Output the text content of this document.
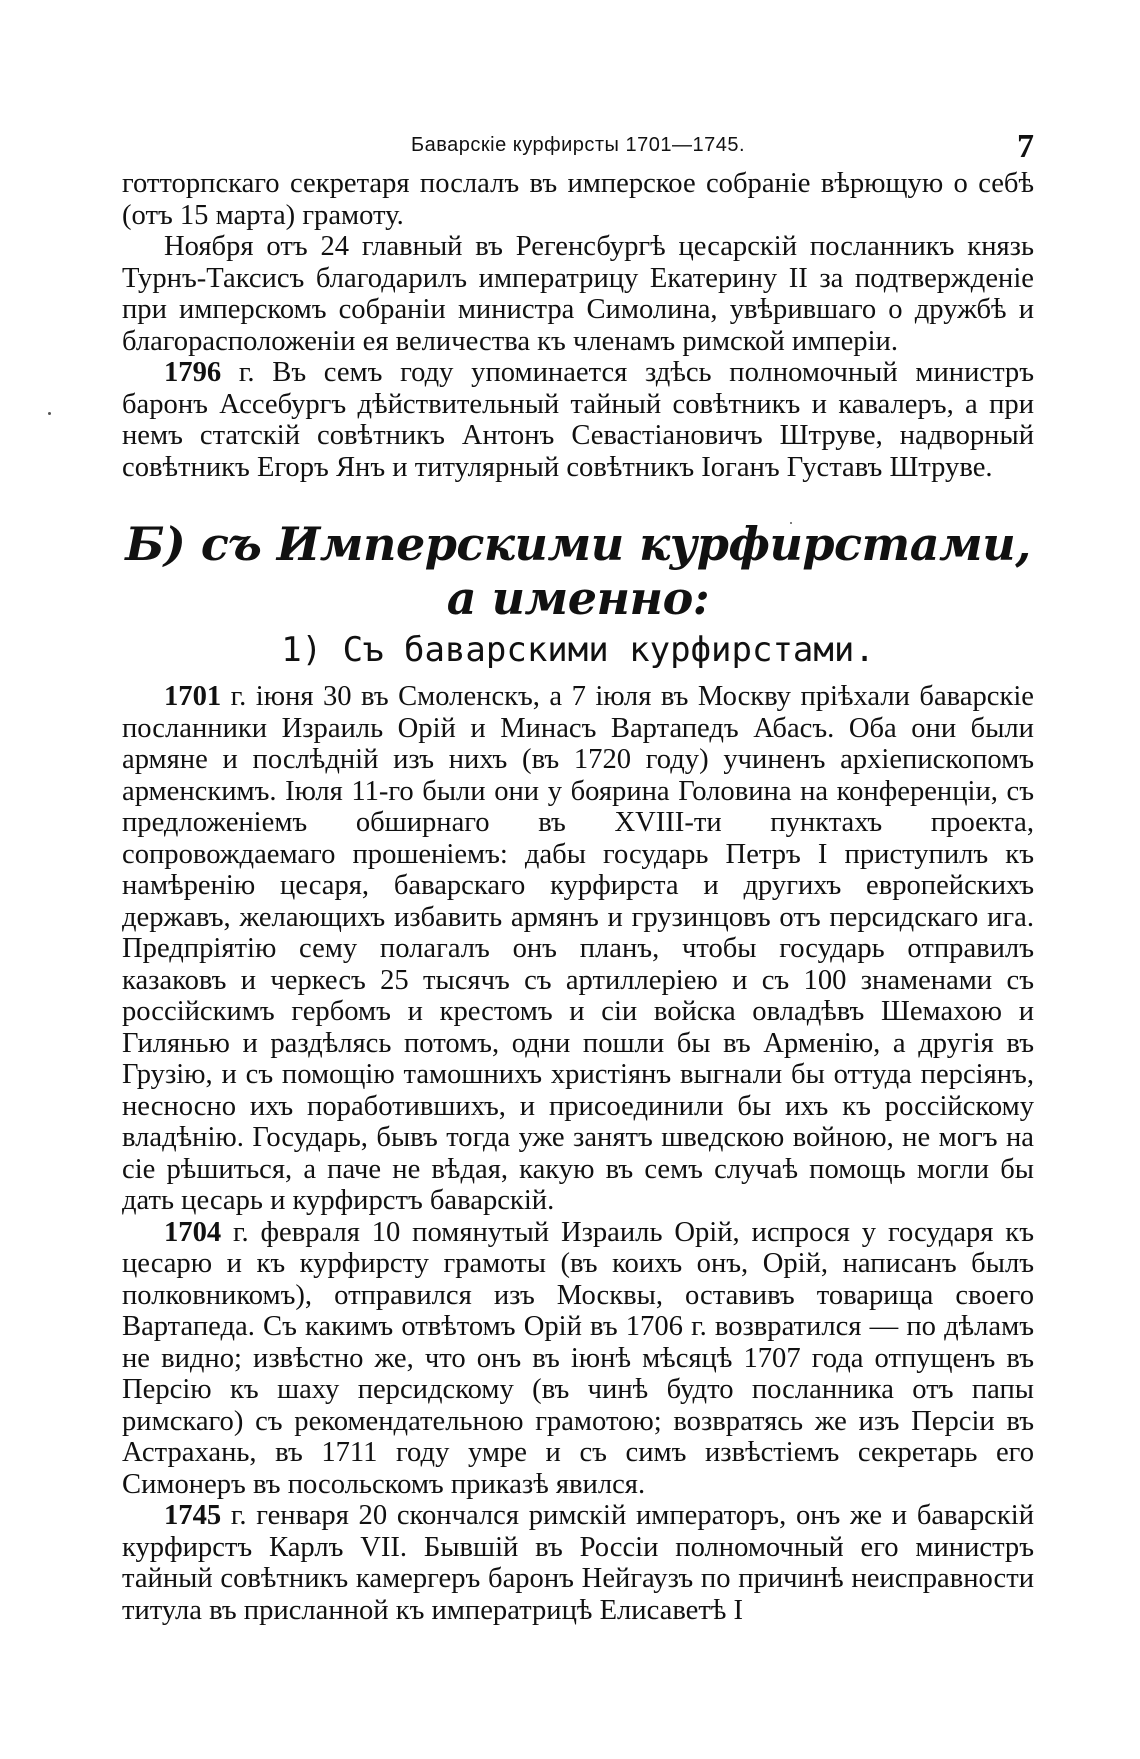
Баварскiе курфирсты 1701—1745.	7

готторпскаго секретаря послалъ въ имперское собранiе вѣрющую о себѣ (отъ 15 марта) грамоту.

Ноября отъ 24 главный въ Регенсбургѣ цесарскiй посланникъ князь Турнъ-Таксисъ благодарилъ императрицу Екатерину II за подтвержденiе при имперскомъ собранiи министра Симолина, увѣрившаго о дружбѣ и благорасположенiи ея величества къ членамъ римской имперiи.

1796 г. Въ семъ году упоминается здѣсь полномочный министръ баронъ Ассебургъ дѣйствительный тайный совѣтникъ и кавалеръ, а при немъ статскiй совѣтникъ Антонъ Севастiановичъ Штруве, надворный совѣтникъ Егоръ Янъ и титулярный совѣтникъ Iоганъ Густавъ Штруве.

Б) съ Имперскими курфирстами, а именно:
1) Съ баварскими курфирстами.

1701 г. iюня 30 въ Смоленскъ, а 7 iюля въ Москву прiѣхали баварскiе посланники Израиль Орiй и Минасъ Вартапедъ Абасъ. Оба они были армяне и послѣднiй изъ нихъ (въ 1720 году) учиненъ архiепископомъ арменскимъ. Iюля 11-го были они у боярина Головина на конференцiи, съ предложенiемъ обширнаго въ XVIII-ти пунктахъ проекта, сопровождаемаго прошенiемъ: дабы государь Петръ I приступилъ къ намѣренiю цесаря, баварскаго курфирста и другихъ европейскихъ державъ, желающихъ избавить армянъ и грузинцовъ отъ персидскаго ига. Предпрiятiю сему полагалъ онъ планъ, чтобы государь отправилъ казаковъ и черкесъ 25 тысячъ съ артиллерiею и съ 100 знаменами съ россiйскимъ гербомъ и крестомъ и сiи войска овладѣвъ Шемахою и Гилянью и раздѣлясь потомъ, одни пошли бы въ Арменiю, а другiя въ Грузiю, и съ помощiю тамошнихъ христiянъ выгнали бы оттуда персiянъ, несносно ихъ поработившихъ, и присоединили бы ихъ къ россiйскому владѣнiю. Государь, бывъ тогда уже занятъ шведскою войною, не могъ на сiе рѣшиться, а паче не вѣдая, какую въ семъ случаѣ помощь могли бы дать цесарь и курфирстъ баварскiй.

1704 г. февраля 10 помянутый Израиль Орiй, испрося у государя къ цесарю и къ курфирсту грамоты (въ коихъ онъ, Орiй, написанъ былъ полковникомъ), отправился изъ Москвы, оставивъ товарища своего Вартапеда. Съ какимъ отвѣтомъ Орiй въ 1706 г. возвратился — по дѣламъ не видно; извѣстно же, что онъ въ iюнѣ мѣсяцѣ 1707 года отпущенъ въ Персiю къ шаху персидскому (въ чинѣ будто посланника отъ папы римскаго) съ рекомендательною грамотою; возвратясь же изъ Персiи въ Астрахань, въ 1711 году умре и съ симъ извѣстiемъ секретарь его Симонеръ въ посольскомъ приказѣ явился.

1745 г. генваря 20 скончался римскiй императоръ, онъ же и баварскiй курфирстъ Карлъ VII. Бывшiй въ Россiи полномочный его министръ тайный совѣтникъ камергеръ баронъ Нейгаузъ по причинѣ неисправности титула въ присланной къ императрицѣ Елисаветѣ I
